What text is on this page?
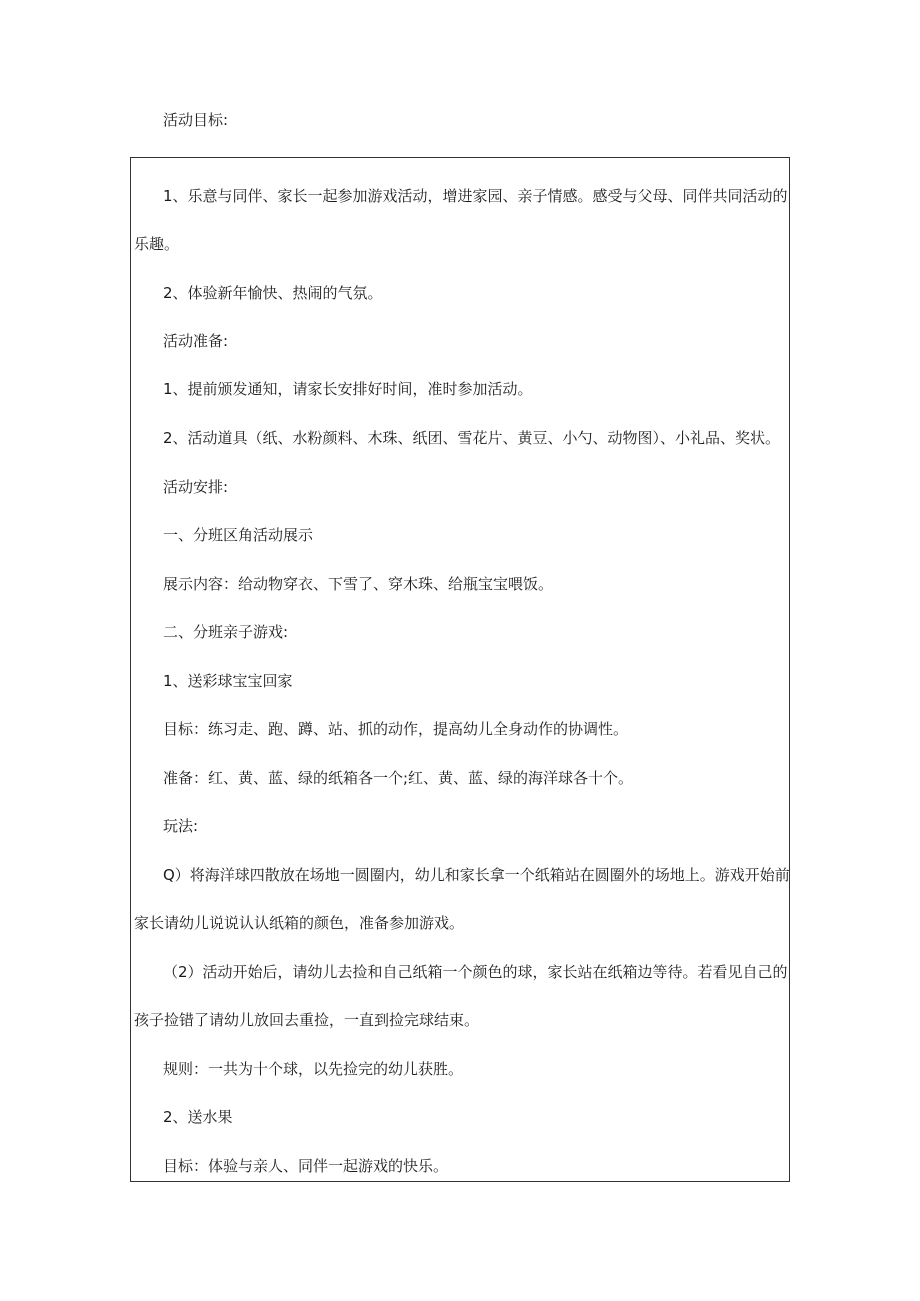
活动目标:

1、乐意与同伴、家长一起参加游戏活动，增进家园、亲子情感。感受与父母、同伴共同活动的

乐趣。

2、体验新年愉快、热闹的气氛。

活动准备:

1、提前颁发通知，请家长安排好时间，准时参加活动。

2、活动道具（纸、水粉颜料、木珠、纸团、雪花片、黄豆、小勺、动物图）、小礼品、奖状。

活动安排:

一、分班区角活动展示

展示内容：给动物穿衣、下雪了、穿木珠、给瓶宝宝喂饭。

二、分班亲子游戏:

1、送彩球宝宝回家

目标：练习走、跑、蹲、站、抓的动作，提高幼儿全身动作的协调性。

准备：红、黄、蓝、绿的纸箱各一个;红、黄、蓝、绿的海洋球各十个。

玩法:

Q）将海洋球四散放在场地一圆圈内，幼儿和家长拿一个纸箱站在圆圈外的场地上。游戏开始前

家长请幼儿说说认认纸箱的颜色，准备参加游戏。

（2）活动开始后，请幼儿去捡和自己纸箱一个颜色的球，家长站在纸箱边等待。若看见自己的

孩子捡错了请幼儿放回去重捡，一直到捡完球结束。

规则：一共为十个球，以先捡完的幼儿获胜。

2、送水果

目标：体验与亲人、同伴一起游戏的快乐。
